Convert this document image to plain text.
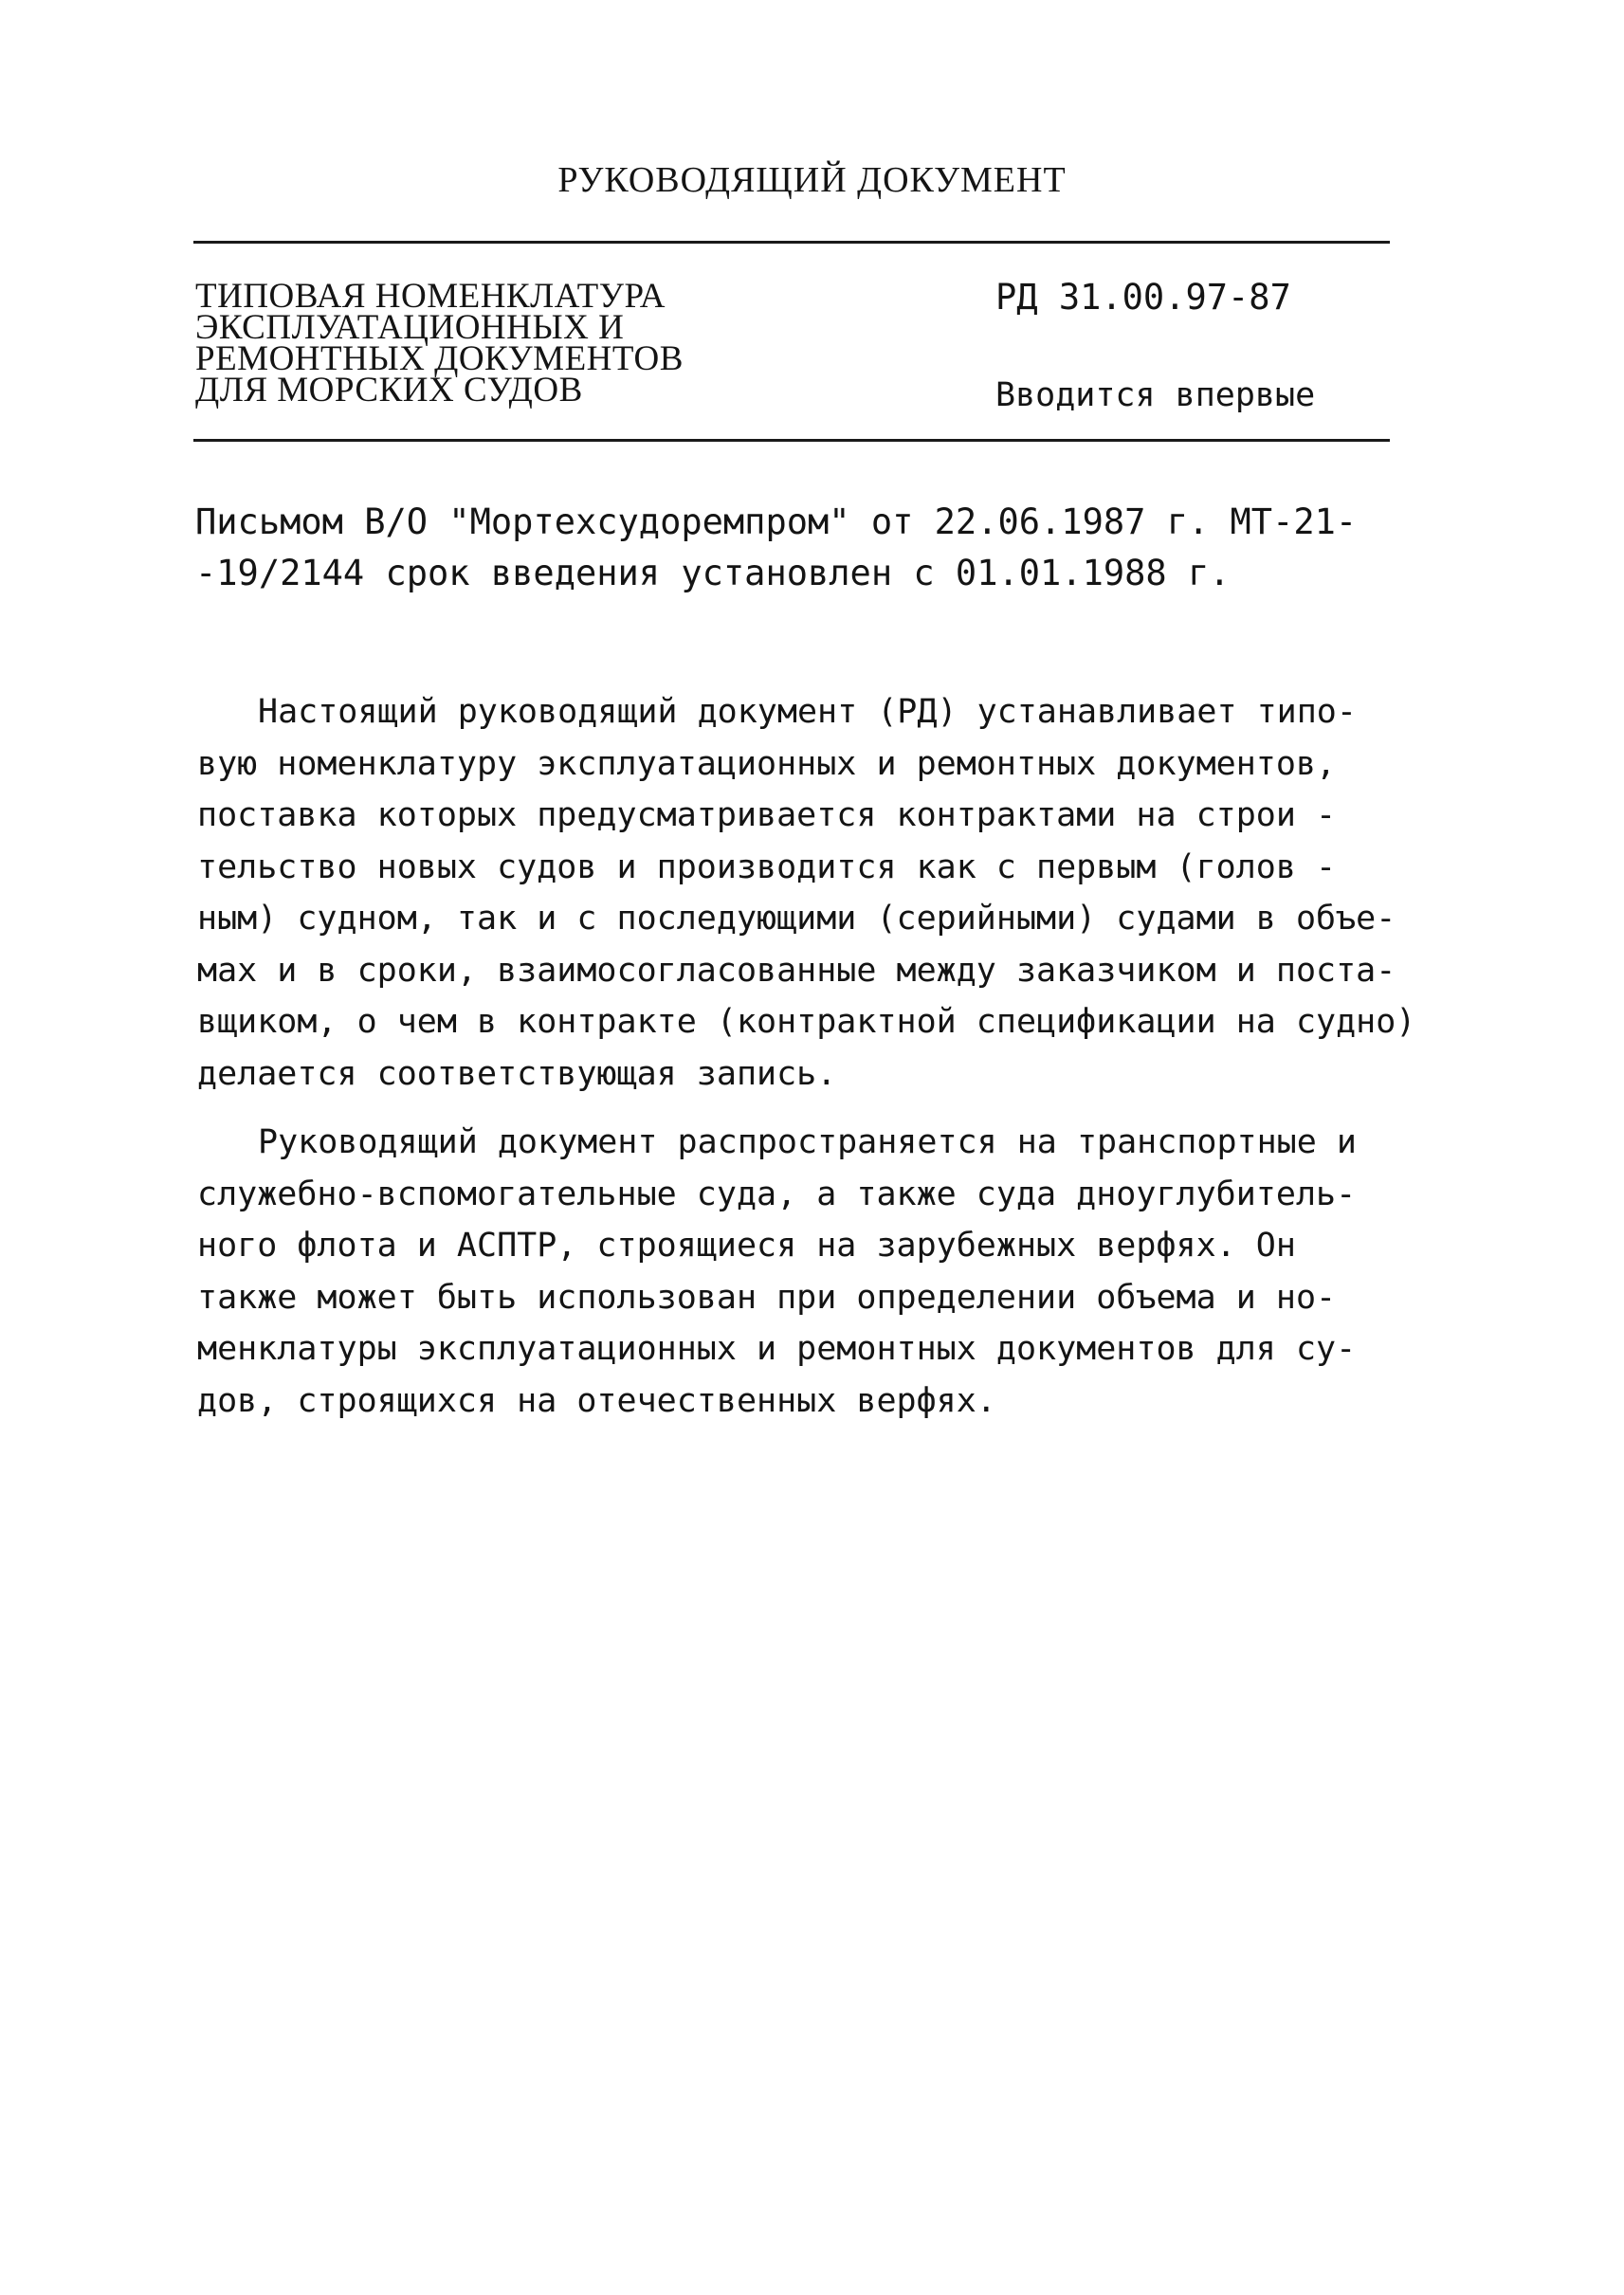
РУКОВОДЯЩИЙ ДОКУМЕНТ
ТИПОВАЯ НОМЕНКЛАТУРА
ЭКСПЛУАТАЦИОННЫХ И
РЕМОНТНЫХ ДОКУМЕНТОВ
ДЛЯ МОРСКИХ СУДОВ
РД 31.00.97-87
Вводится впервые
Письмом В/О "Мортехсудоремпром" от 22.06.1987 г. МТ-21-
-19/2144 срок введения установлен с 01.01.1988 г.
Настоящий руководящий документ (РД) устанавливает типо-
вую номенклатуру эксплуатационных и ремонтных документов,
поставка которых предусматривается контрактами на строи -
тельство новых судов и производится как с первым (голов -
ным) судном, так и с последующими (серийными) судами в объе-
мах и в сроки, взаимосогласованные между заказчиком и поста-
вщиком, о чем в контракте (контрактной спецификации на судно)
делается соответствующая запись.
Руководящий документ распространяется на транспортные и
служебно-вспомогательные суда, а также суда дноуглубитель-
ного флота и АСПТР, строящиеся на зарубежных верфях. Он
также может быть использован при определении объема и но-
менклатуры эксплуатационных и ремонтных документов для су-
дов, строящихся на отечественных верфях.
